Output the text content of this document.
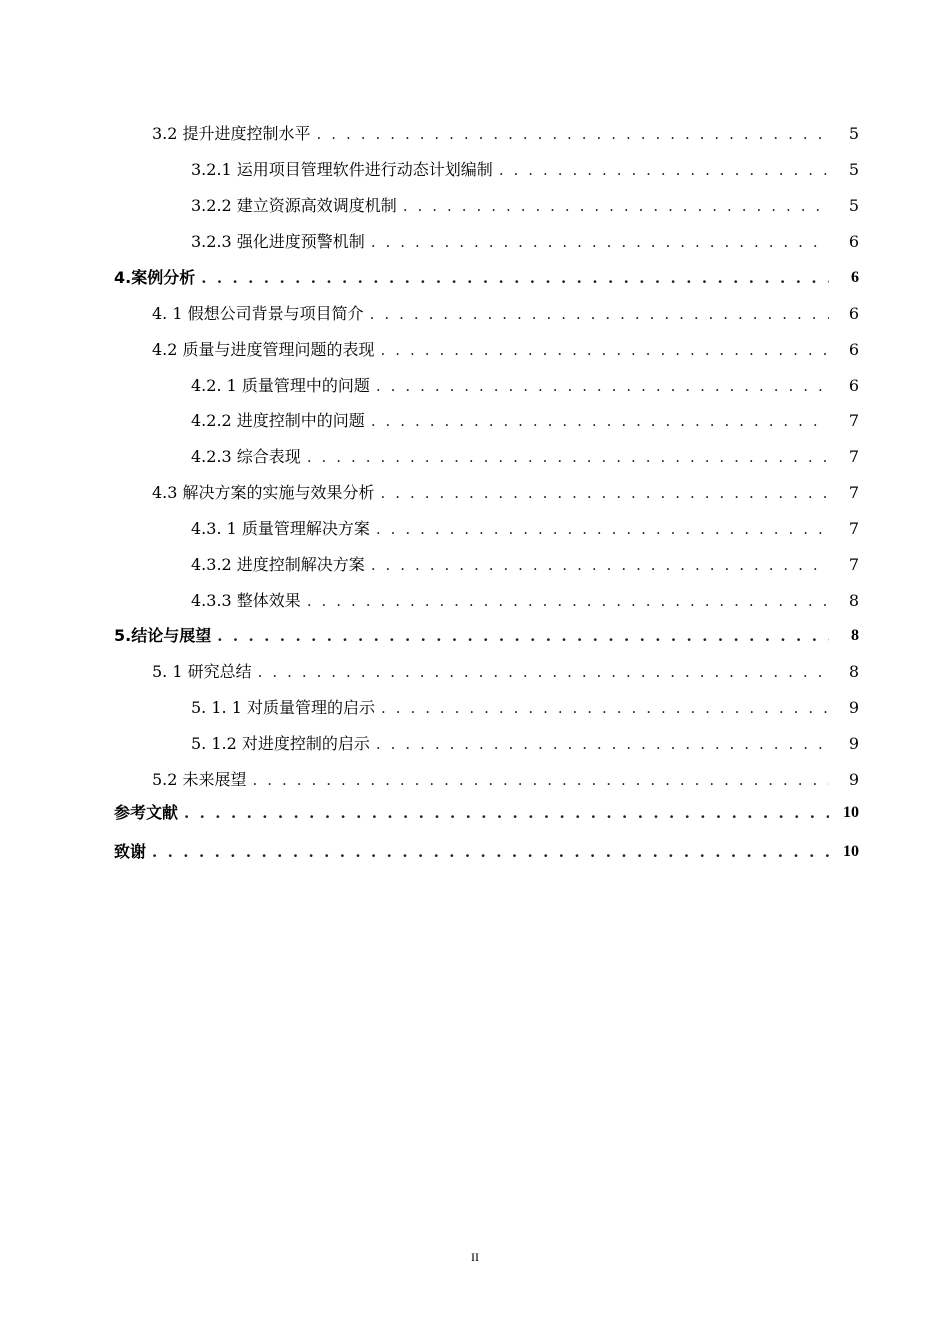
3.2 提升进度控制水平 . . .	5
3.2.1 运用项目管理软件进行动态计划编制 . . .	5
3.2.2 建立资源高效调度机制 . . .	5
3.2.3 强化进度预警机制 . . .	6
4.案例分析 . . .	6
4. 1 假想公司背景与项目简介 . . .	6
4.2 质量与进度管理问题的表现 . . .	6
4.2. 1 质量管理中的问题 . . .	6
4.2.2 进度控制中的问题 . . .	7
4.2.3 综合表现 . . .	7
4.3 解决方案的实施与效果分析 . . .	7
4.3. 1 质量管理解决方案 . . .	7
4.3.2 进度控制解决方案 . . .	7
4.3.3 整体效果 . . .	8
5.结论与展望 . . .	8
5. 1 研究总结 . . .	8
5. 1. 1 对质量管理的启示 . . .	9
5. 1.2 对进度控制的启示 . . .	9
5.2 未来展望 . . .	9
参考文献 . . .	10
致谢 . . .	10
II
